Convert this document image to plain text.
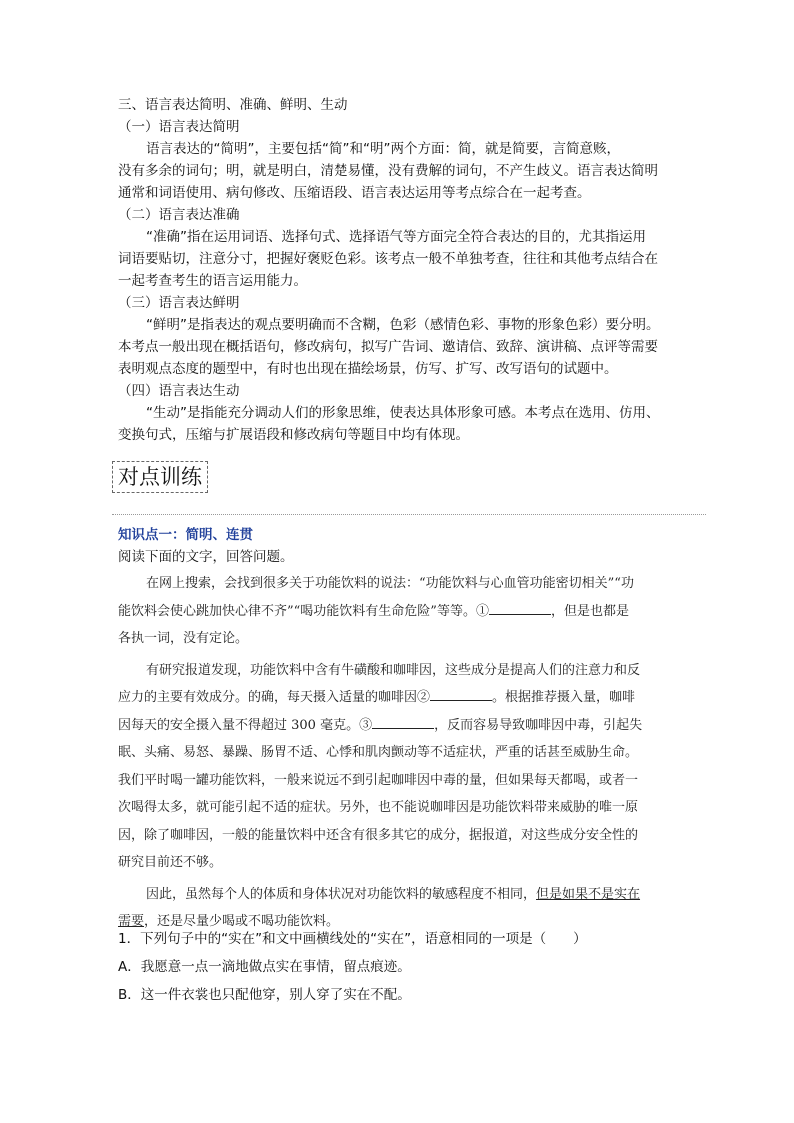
三、语言表达简明、准确、鲜明、生动
（一）语言表达简明
语言表达的“简明”，主要包括“简”和“明”两个方面：简，就是简要，言简意赅，
没有多余的词句；明，就是明白，清楚易懂，没有费解的词句，不产生歧义。语言表达简明
通常和词语使用、病句修改、压缩语段、语言表达运用等考点综合在一起考查。
（二）语言表达准确
“准确”指在运用词语、选择句式、选择语气等方面完全符合表达的目的，尤其指运用
词语要贴切，注意分寸，把握好褒贬色彩。该考点一般不单独考查，往往和其他考点结合在
一起考查考生的语言运用能力。
（三）语言表达鲜明
“鲜明”是指表达的观点要明确而不含糊，色彩（感情色彩、事物的形象色彩）要分明。
本考点一般出现在概括语句，修改病句，拟写广告词、邀请信、致辞、演讲稿、点评等需要
表明观点态度的题型中，有时也出现在描绘场景，仿写、扩写、改写语句的试题中。
（四）语言表达生动
“生动”是指能充分调动人们的形象思维，使表达具体形象可感。本考点在选用、仿用、
变换句式，压缩与扩展语段和修改病句等题目中均有体现。
对点训练
知识点一：简明、连贯
阅读下面的文字，回答问题。
在网上搜索，会找到很多关于功能饮料的说法：“功能饮料与心血管功能密切相关”“功
能饮料会使心跳加快心律不齐”“喝功能饮料有生命危险”等等。①	，但是也都是
各执一词，没有定论。
有研究报道发现，功能饮料中含有牛磺酸和咖啡因，这些成分是提高人们的注意力和反
应力的主要有效成分。的确，每天摄入适量的咖啡因②	。根据推荐摄入量，咖啡
因每天的安全摄入量不得超过 300 毫克。③	，反而容易导致咖啡因中毒，引起失
眠、头痛、易怒、暴躁、肠胃不适、心悸和肌肉颤动等不适症状，严重的话甚至威胁生命。
我们平时喝一罐功能饮料，一般来说远不到引起咖啡因中毒的量，但如果每天都喝，或者一
次喝得太多，就可能引起不适的症状。另外，也不能说咖啡因是功能饮料带来威胁的唯一原
因，除了咖啡因，一般的能量饮料中还含有很多其它的成分，据报道，对这些成分安全性的
研究目前还不够。
因此，虽然每个人的体质和身体状况对功能饮料的敏感程度不相同，但是如果不是实在
需要，还是尽量少喝或不喝功能饮料。
1．下列句子中的“实在”和文中画横线处的“实在”，语意相同的一项是（　　）
A．我愿意一点一滴地做点实在事情，留点痕迹。
B．这一件衣裳也只配他穿，别人穿了实在不配。
